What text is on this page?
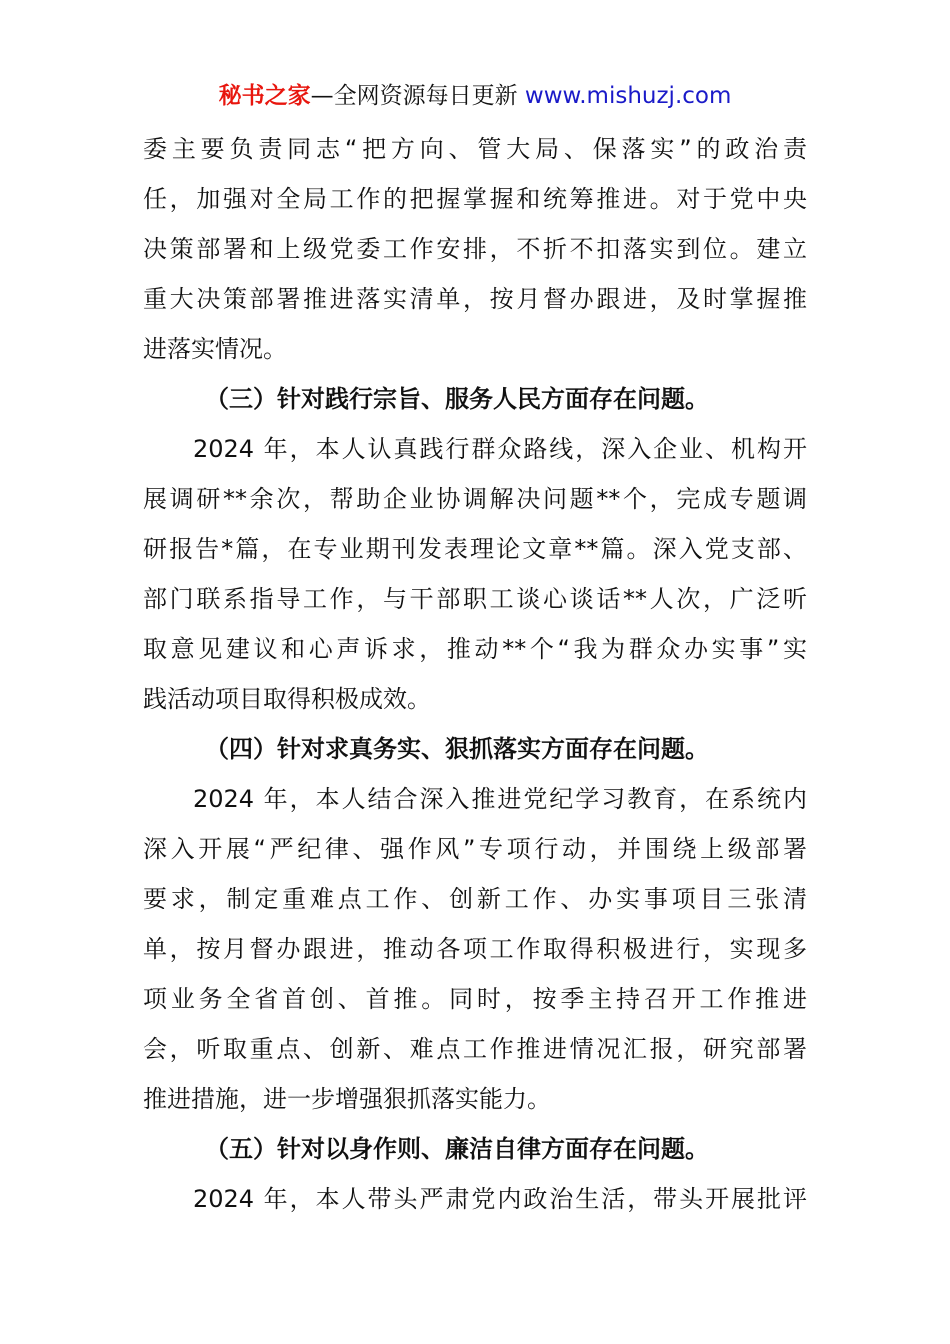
秘书之家—全网资源每日更新 www.mishuzj.com
委主要负责同志“把方向、管大局、保落实”的政治责
任，加强对全局工作的把握掌握和统筹推进。对于党中央
决策部署和上级党委工作安排，不折不扣落实到位。建立
重大决策部署推进落实清单，按月督办跟进，及时掌握推
进落实情况。
（三）针对践行宗旨、服务人民方面存在问题。
2024 年，本人认真践行群众路线，深入企业、机构开
展调研**余次，帮助企业协调解决问题**个，完成专题调
研报告*篇，在专业期刊发表理论文章**篇。深入党支部、
部门联系指导工作，与干部职工谈心谈话**人次，广泛听
取意见建议和心声诉求，推动**个“我为群众办实事”实
践活动项目取得积极成效。
（四）针对求真务实、狠抓落实方面存在问题。
2024 年，本人结合深入推进党纪学习教育，在系统内
深入开展“严纪律、强作风”专项行动，并围绕上级部署
要求，制定重难点工作、创新工作、办实事项目三张清
单，按月督办跟进，推动各项工作取得积极进行，实现多
项业务全省首创、首推。同时，按季主持召开工作推进
会，听取重点、创新、难点工作推进情况汇报，研究部署
推进措施，进一步增强狠抓落实能力。
（五）针对以身作则、廉洁自律方面存在问题。
2024 年，本人带头严肃党内政治生活，带头开展批评
